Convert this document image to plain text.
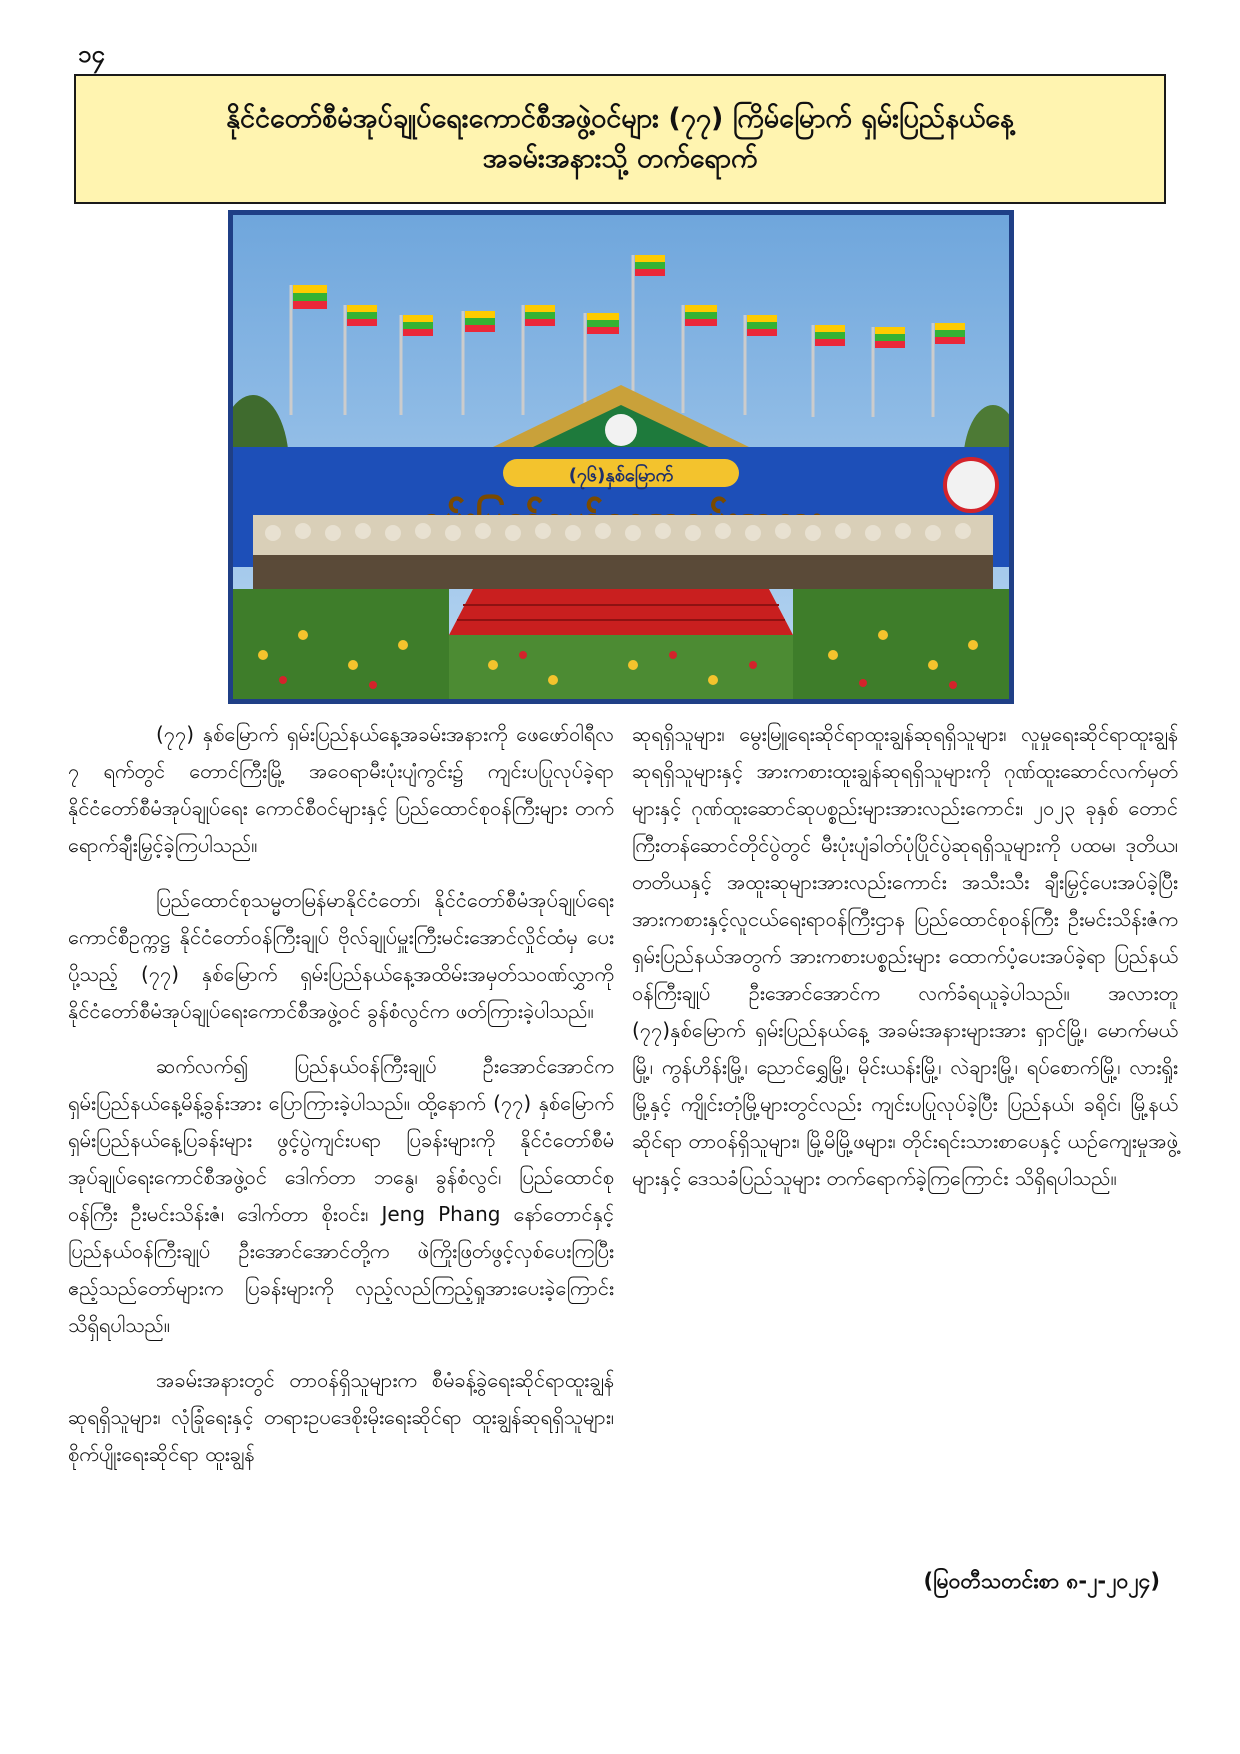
၁၄
နိုင်ငံတော်စီမံအုပ်ချုပ်ရေးကောင်စီအဖွဲ့ဝင်များ (၇၇) ကြိမ်မြောက် ရှမ်းပြည်နယ်နေ့
အခမ်းအနားသို့ တက်ရောက်
(၇၆)နှစ်မြောက်

(၇၇) နှစ်မြောက် ရှမ်းပြည်နယ်နေ့အခမ်းအနားကို ဖေဖော်ဝါရီလ ၇ ရက်တွင် တောင်ကြီးမြို့ အဝေရာမီးပုံးပျံကွင်း၌ ကျင်းပပြုလုပ်ခဲ့ရာ နိုင်ငံတော်စီမံအုပ်ချုပ်ရေး ကောင်စီဝင်များနှင့် ပြည်ထောင်စုဝန်ကြီးများ တက်ရောက်ချီးမြှင့်ခဲ့ကြပါသည်။

ပြည်ထောင်စုသမ္မတမြန်မာနိုင်ငံတော်၊ နိုင်ငံတော်စီမံအုပ်ချုပ်ရေးကောင်စီဥက္ကဋ္ဌ နိုင်ငံတော်ဝန်ကြီးချုပ် ဗိုလ်ချုပ်မှူးကြီးမင်းအောင်လှိုင်ထံမှ ပေးပို့သည့် (၇၇) နှစ်မြောက် ရှမ်းပြည်နယ်နေ့အထိမ်းအမှတ်သဝဏ်လွှာကို နိုင်ငံတော်စီမံအုပ်ချုပ်ရေးကောင်စီအဖွဲ့ဝင် ခွန်စံလွင်က ဖတ်ကြားခဲ့ပါသည်။

ဆက်လက်၍ ပြည်နယ်ဝန်ကြီးချုပ် ဦးအောင်အောင်က ရှမ်းပြည်နယ်နေ့မိန့်ခွန်းအား ပြောကြားခဲ့ပါသည်။ ထို့နောက် (၇၇) နှစ်မြောက် ရှမ်းပြည်နယ်နေ့ပြခန်းများ ဖွင့်ပွဲကျင်းပရာ ပြခန်းများကို နိုင်ငံတော်စီမံအုပ်ချုပ်ရေးကောင်စီအဖွဲ့ဝင် ဒေါက်တာ ဘနွေ၊ ခွန်စံလွင်၊ ပြည်ထောင်စုဝန်ကြီး ဦးမင်းသိန်းဇံ၊ ဒေါက်တာ စိုးဝင်း၊ Jeng Phang နော်တောင်နှင့် ပြည်နယ်ဝန်ကြီးချုပ် ဦးအောင်အောင်တို့က ဖဲကြိုးဖြတ်ဖွင့်လှစ်ပေးကြပြီး ဧည့်သည်တော်များက ပြခန်းများကို လှည့်လည်ကြည့်ရှုအားပေးခဲ့ကြောင်း သိရှိရပါသည်။

အခမ်းအနားတွင် တာဝန်ရှိသူများက စီမံခန့်ခွဲရေးဆိုင်ရာထူးချွန်ဆုရရှိသူများ၊ လုံခြုံရေးနှင့် တရားဥပဒေစိုးမိုးရေးဆိုင်ရာ ထူးချွန်ဆုရရှိသူများ၊ စိုက်ပျိုးရေးဆိုင်ရာ ထူးချွန်

ဆုရရှိသူများ၊ မွေးမြူရေးဆိုင်ရာထူးချွန်ဆုရရှိသူများ၊ လူမှုရေးဆိုင်ရာထူးချွန်ဆုရရှိသူများနှင့် အားကစားထူးချွန်ဆုရရှိသူများကို ဂုဏ်ထူးဆောင်လက်မှတ်များနှင့် ဂုဏ်ထူးဆောင်ဆုပစ္စည်းများအားလည်းကောင်း၊ ၂၀၂၃ ခုနှစ် တောင်ကြီးတန်ဆောင်တိုင်ပွဲတွင် မီးပုံးပျံခါတ်ပုံပြိုင်ပွဲဆုရရှိသူများကို ပထမ၊ ဒုတိယ၊ တတိယနှင့် အထူးဆုများအားလည်းကောင်း အသီးသီး ချီးမြှင့်ပေးအပ်ခဲ့ပြီး အားကစားနှင့်လူငယ်ရေးရာဝန်ကြီးဌာန ပြည်ထောင်စုဝန်ကြီး ဦးမင်းသိန်းဇံက ရှမ်းပြည်နယ်အတွက် အားကစားပစ္စည်းများ ထောက်ပံ့ပေးအပ်ခဲ့ရာ ပြည်နယ်ဝန်ကြီးချုပ် ဦးအောင်အောင်က လက်ခံရယူခဲ့ပါသည်။ အလားတူ (၇၇)နှစ်မြောက် ရှမ်းပြည်နယ်နေ့ အခမ်းအနားများအား ရှာင်မြို့၊ မောက်မယ်မြို့၊ ကွန်ဟိန်းမြို့၊ ညောင်ရွှေမြို့၊ မိုင်းယန်းမြို့၊ လဲချားမြို့၊ ရပ်စောက်မြို့၊ လားရှိုးမြို့နှင့် ကျိုင်းတုံမြို့များတွင်လည်း ကျင်းပပြုလုပ်ခဲ့ပြီး ပြည်နယ်၊ ခရိုင်၊ မြို့နယ်ဆိုင်ရာ တာဝန်ရှိသူများ၊ မြို့မိမြို့ဖများ၊ တိုင်းရင်းသားစာပေနှင့် ယဉ်ကျေးမှုအဖွဲ့များနှင့် ဒေသခံပြည်သူများ တက်ရောက်ခဲ့ကြကြောင်း သိရှိရပါသည်။

(မြဝတီသတင်းစာ ၈-၂-၂၀၂၄)
